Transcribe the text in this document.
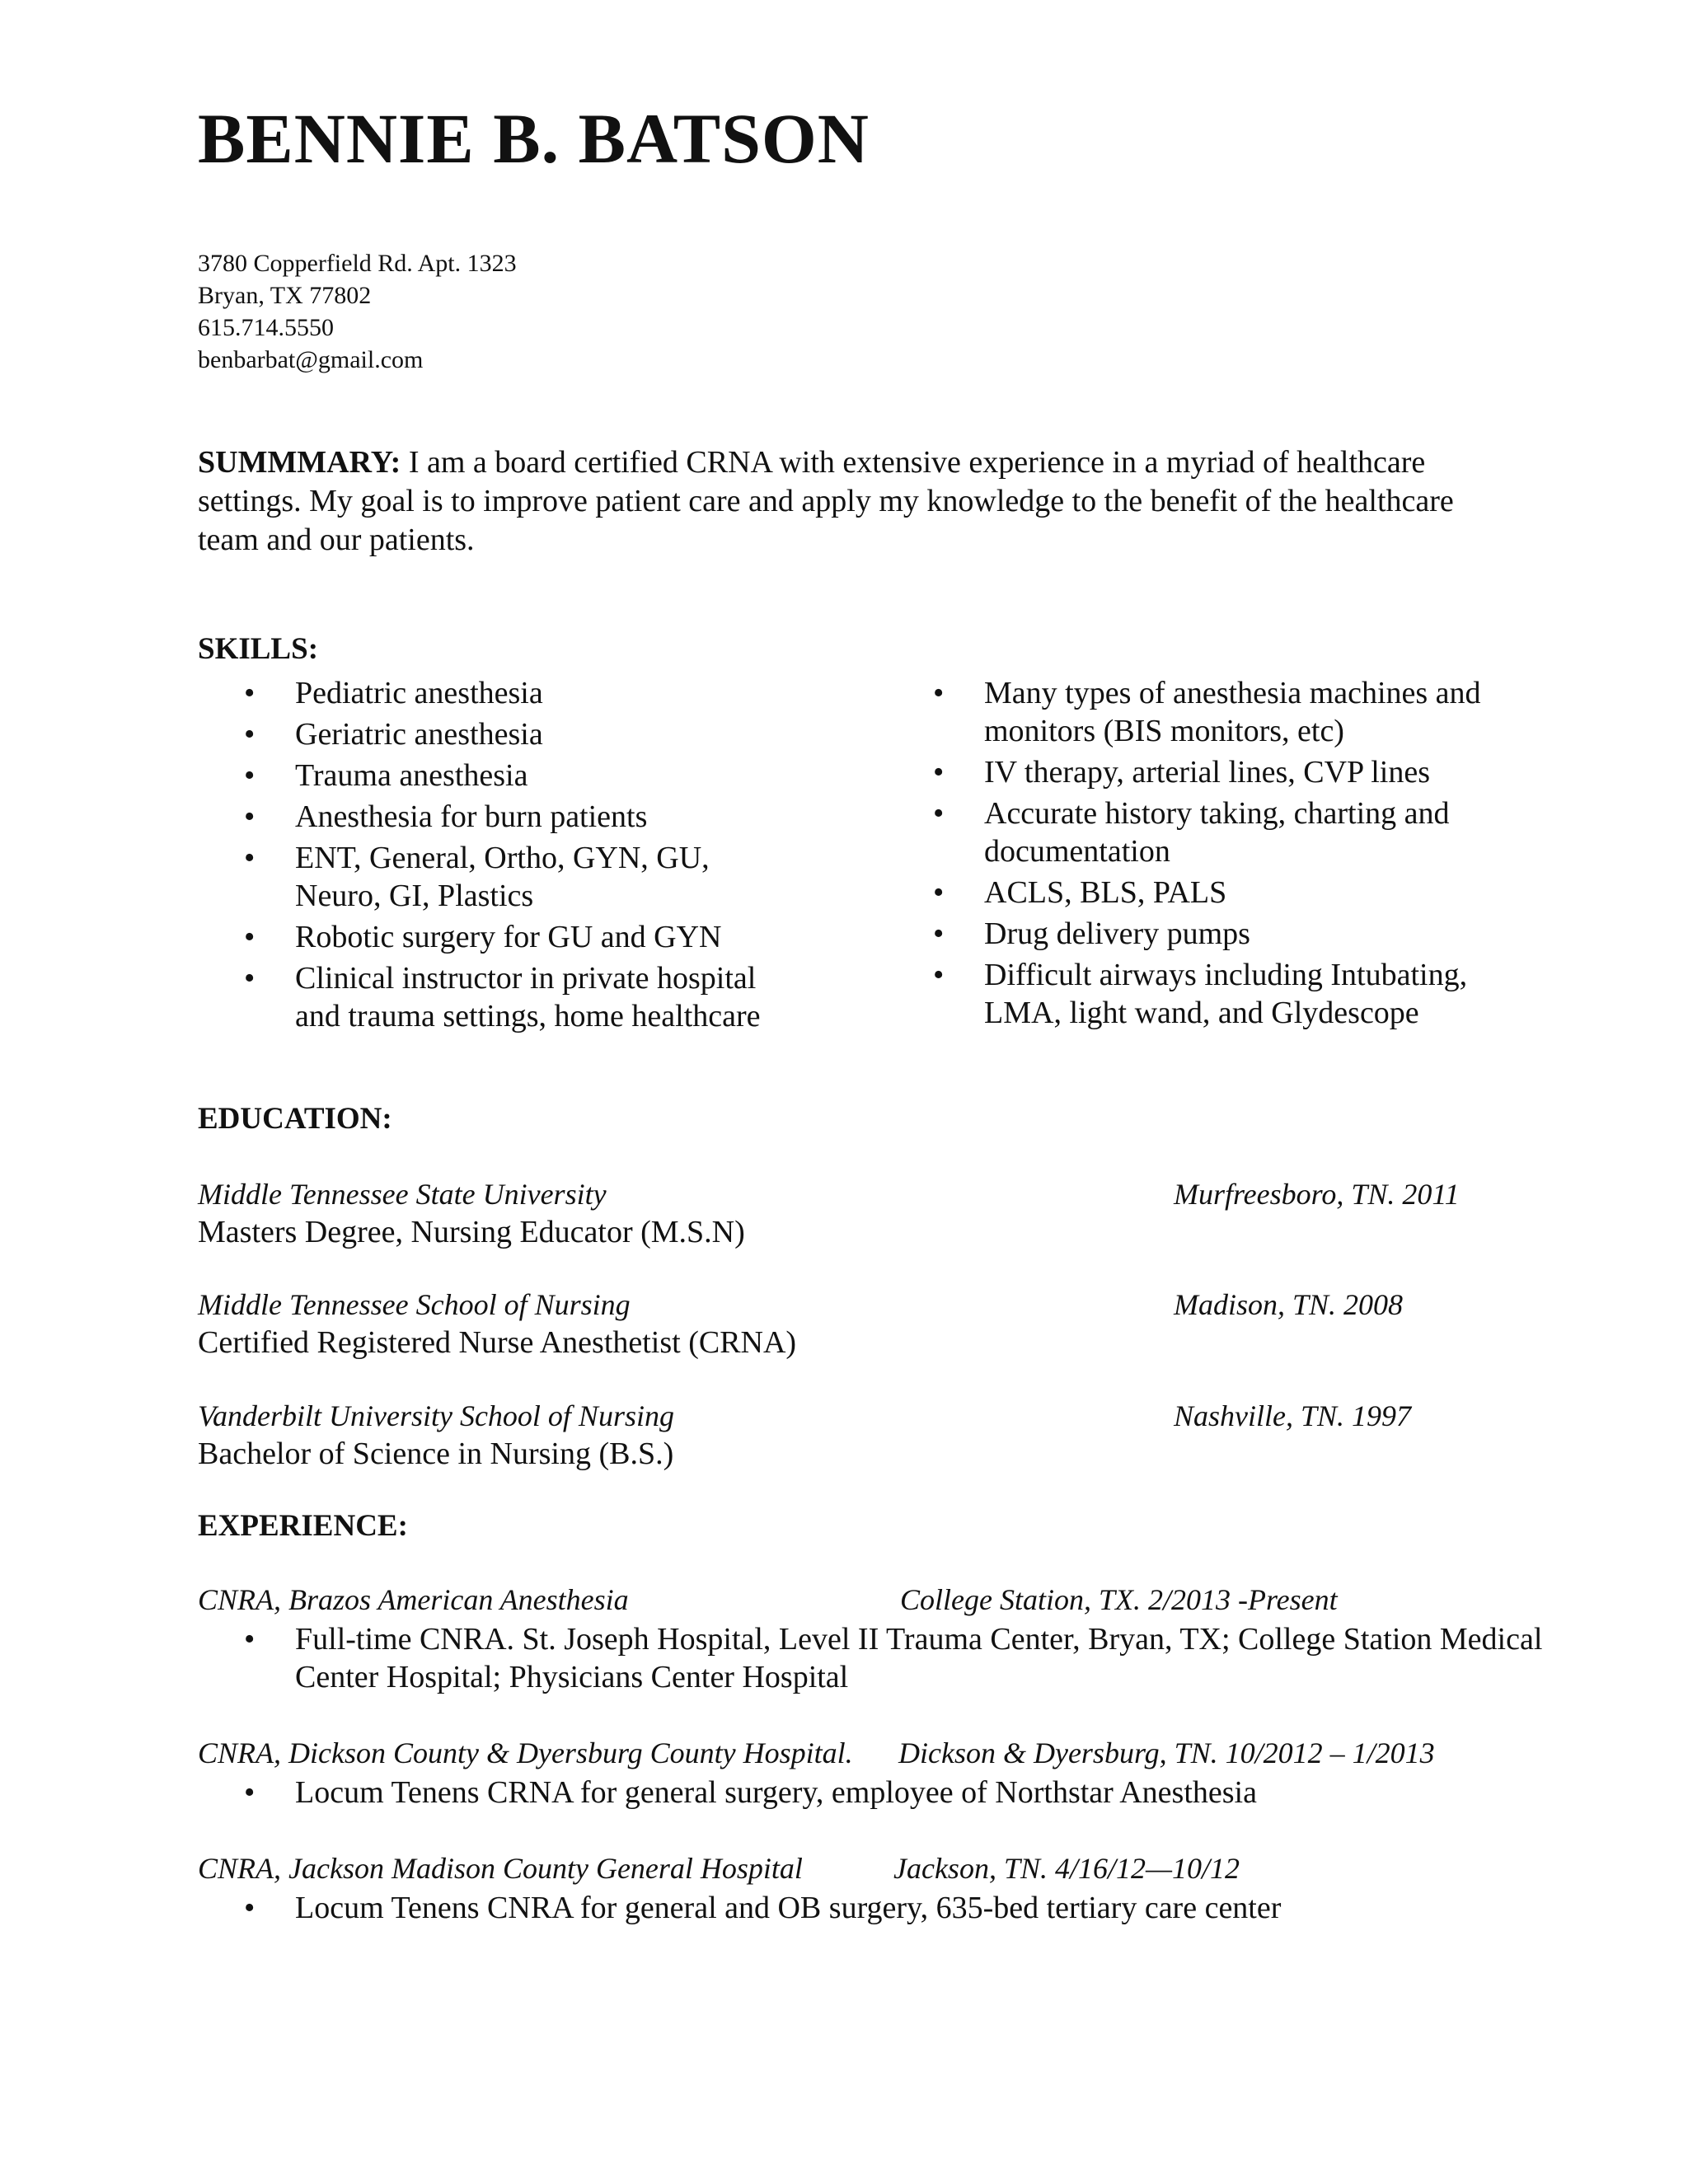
BENNIE B. BATSON
3780 Copperfield Rd. Apt. 1323
Bryan, TX 77802
615.714.5550
benbarbat@gmail.com

SUMMMARY: I am a board certified CRNA with extensive experience in a myriad of healthcare settings. My goal is to improve patient care and apply my knowledge to the benefit of the healthcare team and our patients.

SKILLS:
• Pediatric anesthesia
• Geriatric anesthesia
• Trauma anesthesia
• Anesthesia for burn patients
• ENT, General, Ortho, GYN, GU, Neuro, GI, Plastics
• Robotic surgery for GU and GYN
• Clinical instructor in private hospital and trauma settings, home healthcare
• Many types of anesthesia machines and monitors (BIS monitors, etc)
• IV therapy, arterial lines, CVP lines
• Accurate history taking, charting and documentation
• ACLS, BLS, PALS
• Drug delivery pumps
• Difficult airways including Intubating, LMA, light wand, and Glydescope
EDUCATION:
Middle Tennessee State University	Murfreesboro, TN. 2011
Masters Degree, Nursing Educator (M.S.N)
Middle Tennessee School of Nursing	Madison, TN. 2008
Certified Registered Nurse Anesthetist (CRNA)
Vanderbilt University School of Nursing	Nashville, TN. 1997
Bachelor of Science in Nursing (B.S.)
EXPERIENCE:
CNRA, Brazos American Anesthesia	College Station, TX. 2/2013 -Present
• Full-time CNRA. St. Joseph Hospital, Level II Trauma Center, Bryan, TX; College Station Medical Center Hospital; Physicians Center Hospital
CNRA, Dickson County & Dyersburg County Hospital.	Dickson & Dyersburg, TN. 10/2012 – 1/2013
• Locum Tenens CRNA for general surgery, employee of Northstar Anesthesia
CNRA, Jackson Madison County General Hospital	Jackson, TN. 4/16/12—10/12
• Locum Tenens CNRA for general and OB surgery, 635-bed tertiary care center
